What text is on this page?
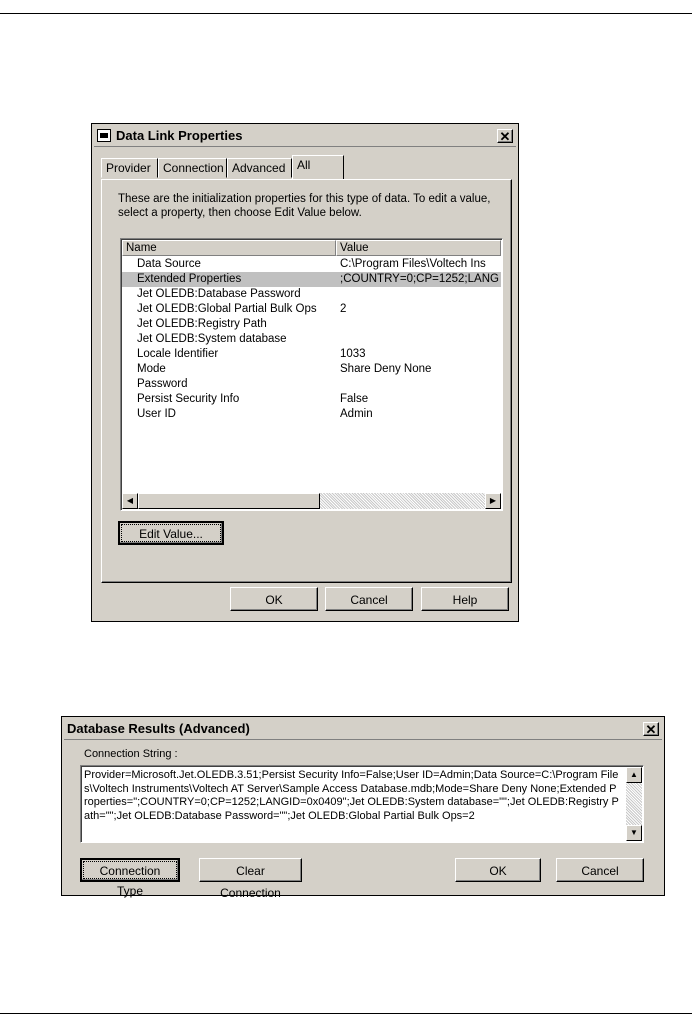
Data Link Properties	✕
Provider	Connection Advanced All
These are the initialization properties for this type of data. To edit a value, select a property, then choose Edit Value below.
Name	Value
Data Source	C:\Program Files\Voltech Ins
Extended Properties	;COUNTRY=0;CP=1252;LANG
Jet OLEDB:Database Password
Jet OLEDB:Global Partial Bulk Ops 2
Jet OLEDB:Registry Path
Jet OLEDB:System database
Locale Identifier	1033
Mode	Share Deny None
Password
Persist Security Info	False
User ID	Admin
◀	▶
Edit Value...
OK	Cancel	Help
Database Results (Advanced)	✕
Connection String :
Provider=Microsoft.Jet.OLEDB.3.51;Persist Security Info=False;User ID=Admin;Data Source=C:\Program Files\Voltech Instruments\Voltech AT Server\Sample Access Database.mdb;Mode=Share Deny None;Extended Properties=";COUNTRY=0;CP=1252;LANGID=0x0409";Jet OLEDB:System database="";Jet OLEDB:Registry Path="";Jet OLEDB:Database Password="";Jet OLEDB:Global Partial Bulk Ops=2
▲
▼
Connection Type
Clear Connection
OK	Cancel
